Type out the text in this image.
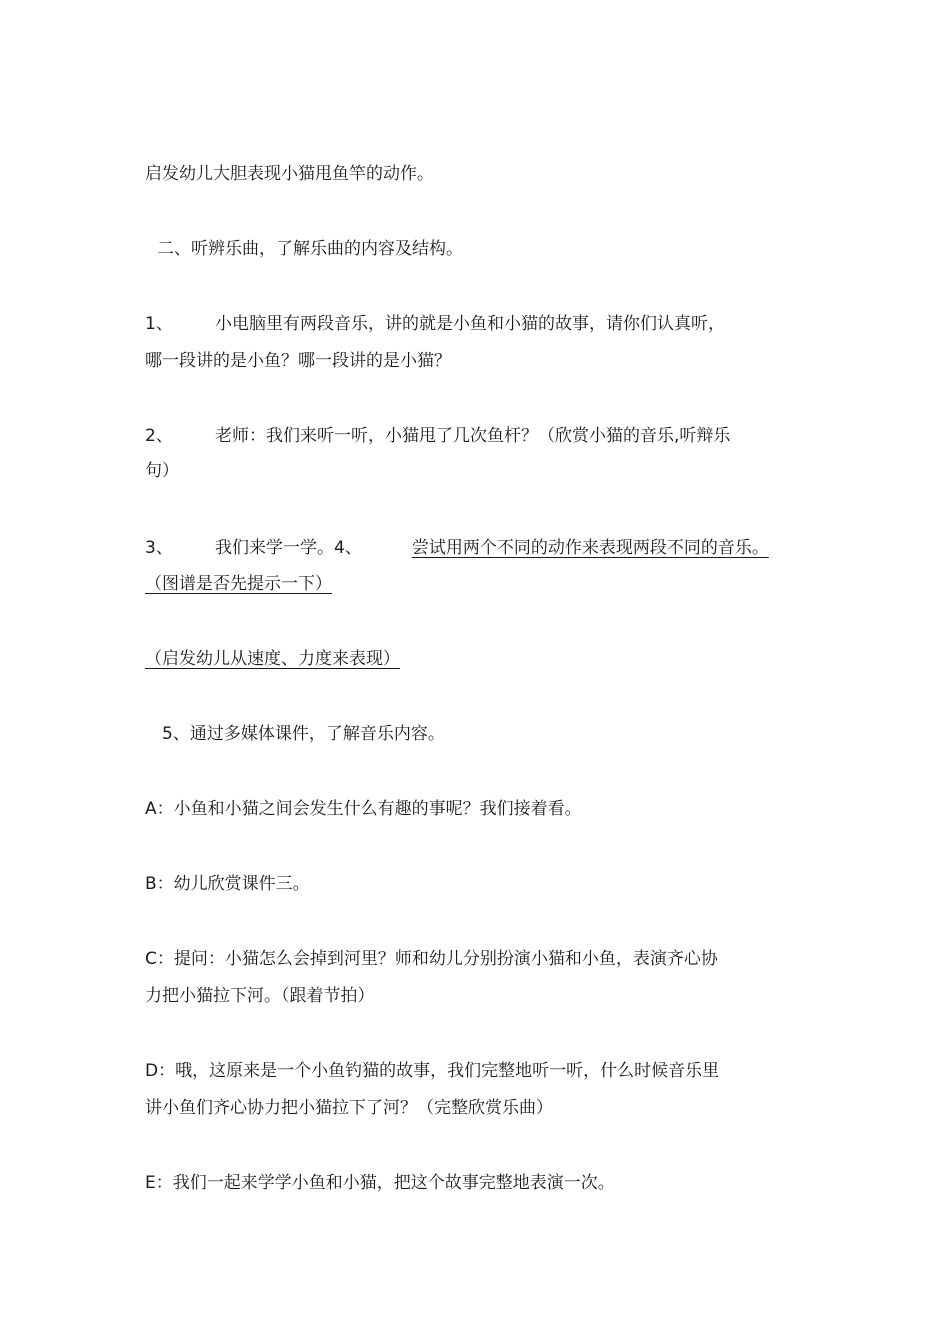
启发幼儿大胆表现小猫甩鱼竿的动作。
二、听辨乐曲，了解乐曲的内容及结构。
1、 小电脑里有两段音乐，讲的就是小鱼和小猫的故事，请你们认真听，
哪一段讲的是小鱼？哪一段讲的是小猫？
2、 老师：我们来听一听，小猫甩了几次鱼杆？（欣赏小猫的音乐,听辩乐
句）
3、 我们来学一学。4、	尝试用两个不同的动作来表现两段不同的音乐。
（图谱是否先提示一下）
（启发幼儿从速度、力度来表现）
5、通过多媒体课件，了解音乐内容。
A：小鱼和小猫之间会发生什么有趣的事呢？我们接着看。
B：幼儿欣赏课件三。
C：提问：小猫怎么会掉到河里？师和幼儿分别扮演小猫和小鱼，表演齐心协
力把小猫拉下河。（跟着节拍）
D：哦，这原来是一个小鱼钓猫的故事，我们完整地听一听，什么时候音乐里
讲小鱼们齐心协力把小猫拉下了河？（完整欣赏乐曲）
E：我们一起来学学小鱼和小猫，把这个故事完整地表演一次。
